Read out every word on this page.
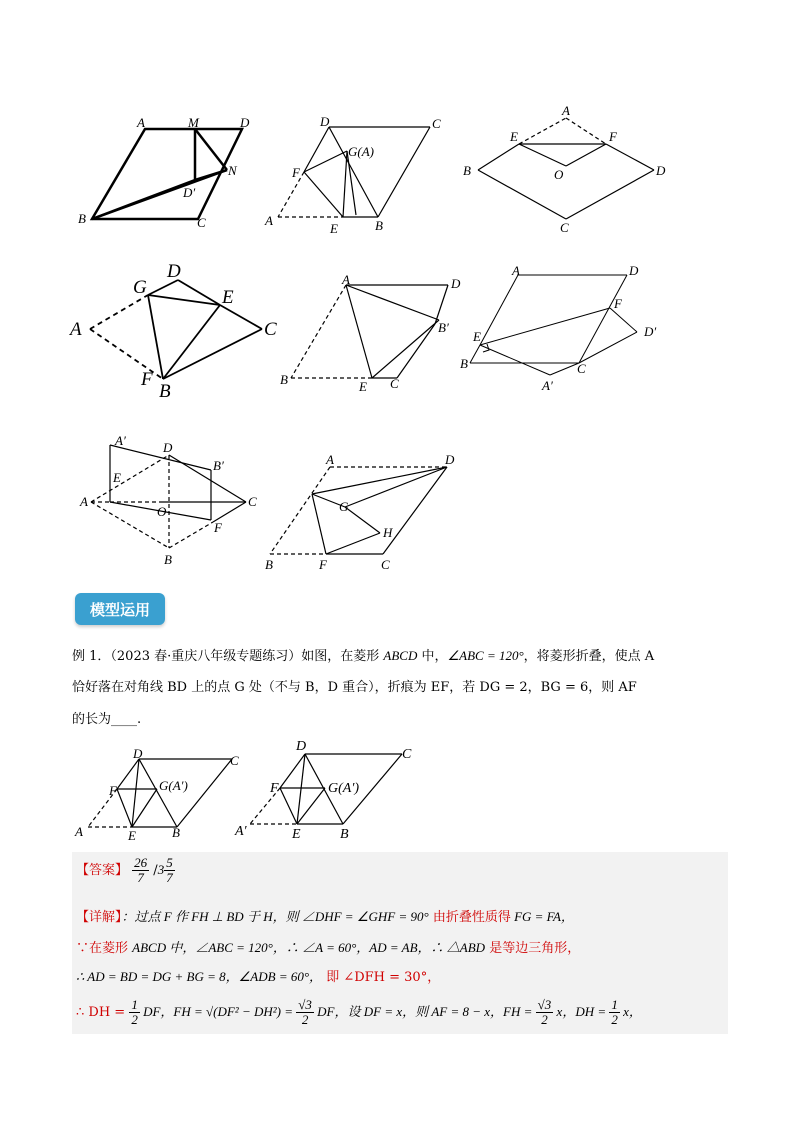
A	M	D
N
D′
B	C
D	C
G(A)
F
A
E	B
A
E	F
B	O	D
C
G
D
E
A	C
F
B
A	D
B′
B	E C
A	D
F
E	D′
B	C
A′
A′	D
B′
E
A
O
C
F
B
A	D
G
H
B	F	C
模型运用
例 1．（2023 春·重庆八年级专题练习）如图，在菱形 ABCD 中，∠ABC = 120°，将菱形折叠，使点 A
恰好落在对角线 BD 上的点 G 处（不与 B，D 重合），折痕为 EF，若 DG = 2，BG = 6，则 AF
的长为____.
D	C
F	G(A′)
A	E	B
D
C
F	G(A′)
A′	E	B
【答案】 $\frac{26}{7} /3 \frac{5}{7}$
【详解】：过点 F 作 FH ⊥ BD 于 H，则 ∠DHF = ∠GHF = 90° 由折叠性质得 FG = FA，
∵在菱形 ABCD 中，∠ABC = 120°，∴ ∠A = 60°，AD = AB，∴ △ABD 是等边三角形，
∴ AD = BD = DG + BG = 8，∠ADB = 60°， 即 ∠DFH = 30°，
∴ DH = $\frac{1}{2}$ DF，FH = $√(DF^2 - DH^2) = \frac{√3}{2}$ DF，设 DF = x，则 AF = 8 − x，FH = $\frac{√3}{2}$ x，DH = $\frac{1}{2}$ x，
